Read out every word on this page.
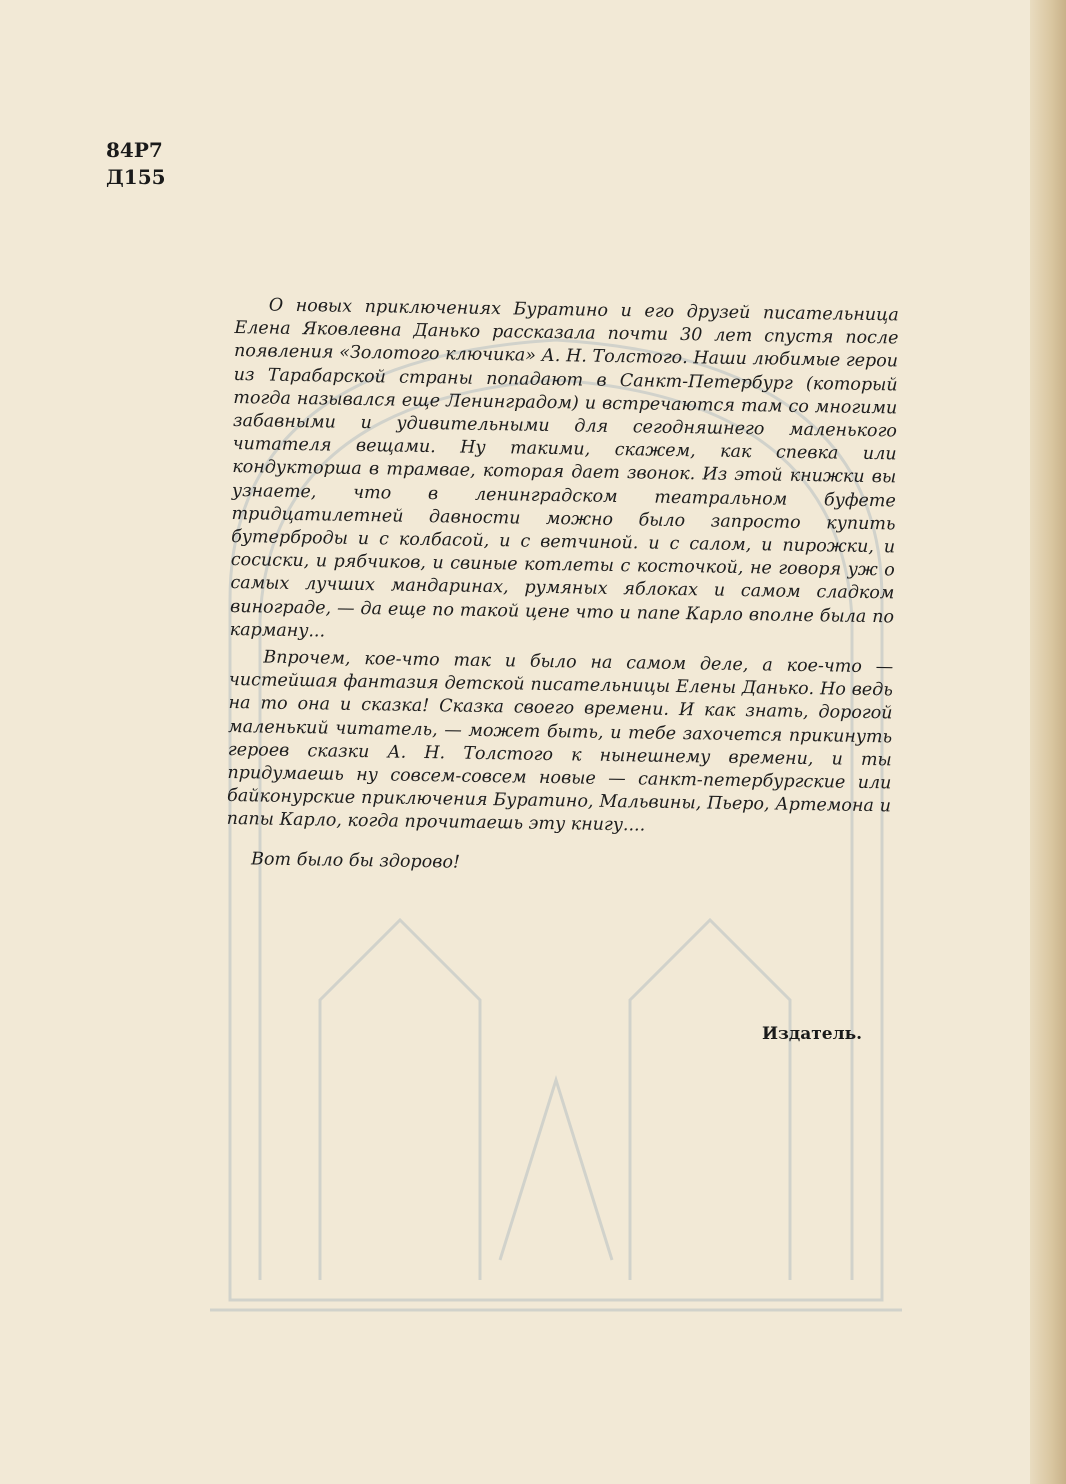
84Р7
Д155

О новых приключениях Буратино и его друзей писательница Елена Яковлевна Данько рассказала почти 30 лет спустя после появления «Золотого ключика» А. Н. Толстого. Наши любимые герои из Тарабарской страны попадают в Санкт-Петербург (который тогда назывался еще Ленинградом) и встречаются там со многими забавными и удивительными для сегодняшнего маленького читателя вещами. Ну такими, скажем, как спевка или кондукторша в трамвае, которая дает звонок. Из этой книжки вы узнаете, что в ленинградском театральном буфете тридцатилетней давности можно было запросто купить бутерброды и с колбасой, и с ветчиной. и с салом, и пирожки, и сосиски, и рябчиков, и свиные котлеты с косточкой, не говоря уж о самых лучших мандаринах, румяных яблоках и самом сладком винограде, — да еще по такой цене что и папе Карло вполне была по карману...

Впрочем, кое-что так и было на самом деле, а кое-что — чистейшая фантазия детской писательницы Елены Данько. Но ведь на то она и сказка! Сказка своего времени. И как знать, дорогой маленький читатель, — может быть, и тебе захочется прикинуть героев сказки А. Н. Толстого к нынешнему времени, и ты придумаешь ну совсем-совсем новые — санкт-петербургские или байконурские приключения Буратино, Мальвины, Пьеро, Артемона и папы Карло, когда прочитаешь эту книгу....

Вот было бы здорово!

Издатель.
